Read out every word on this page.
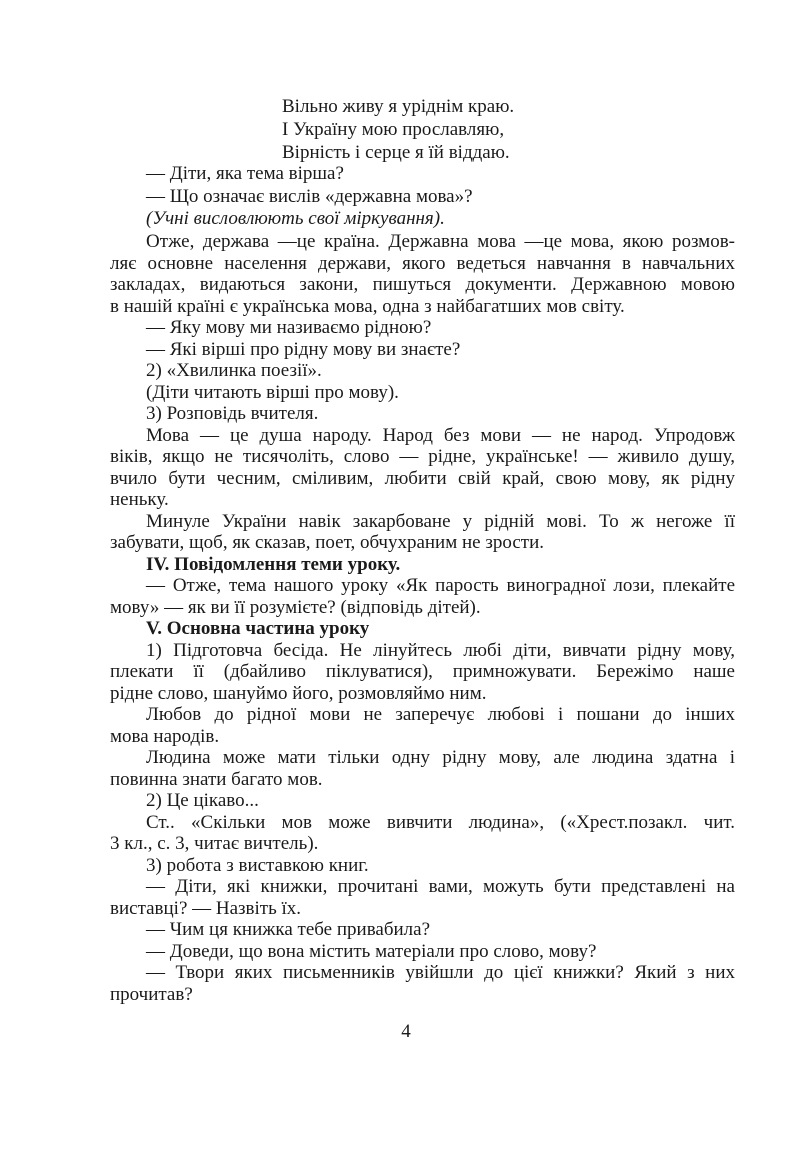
Вільно живу я уріднім краю.
І Україну мою прославляю,
Вірність і серце я їй віддаю.
— Діти, яка тема вірша?
— Що означає вислів «державна мова»?
(Учні висловлюють свої міркування).
Отже, держава —це країна. Державна мова —це мова, якою розмов-
ляє основне населення держави, якого ведеться навчання в навчальних
закладах, видаються закони, пишуться документи. Державною мовою
в нашій країні є українська мова, одна з найбагатших мов світу.
— Яку мову ми називаємо рідною?
— Які вірші про рідну мову ви знаєте?
2) «Хвилинка поезії».
(Діти читають вірші про мову).
3) Розповідь вчителя.
Мова — це душа народу. Народ без мови — не народ. Упродовж
віків, якщо не тисячоліть, слово — рідне, українське! — живило душу,
вчило бути чесним, сміливим, любити свій край, свою мову, як рідну
неньку.
Минуле України навік закарбоване у рідній мові. То ж негоже її
забувати, щоб, як сказав, поет, обчухраним не зрости.
IV. Повідомлення теми уроку.
— Отже, тема нашого уроку «Як парость виноградної лози, плекайте
мову» — як ви її розумієте? (відповідь дітей).
V. Основна частина уроку
1) Підготовча бесіда. Не лінуйтесь любі діти, вивчати рідну мову,
плекати її (дбайливо піклуватися), примножувати. Бережімо наше
рідне слово, шануймо його, розмовляймо ним.
Любов до рідної мови не заперечує любові і пошани до інших
мова народів.
Людина може мати тільки одну рідну мову, але людина здатна і
повинна знати багато мов.
2) Це цікаво...
Ст.. «Скільки мов може вивчити людина», («Хрест.позакл. чит.
3 кл., с. 3, читає вичтель).
3) робота з виставкою книг.
— Діти, які книжки, прочитані вами, можуть бути представлені на
виставці? — Назвіть їх.
— Чим ця книжка тебе привабила?
— Доведи, що вона містить матеріали про слово, мову?
— Твори яких письменників увійшли до цієї книжки? Який з них
прочитав?
4
